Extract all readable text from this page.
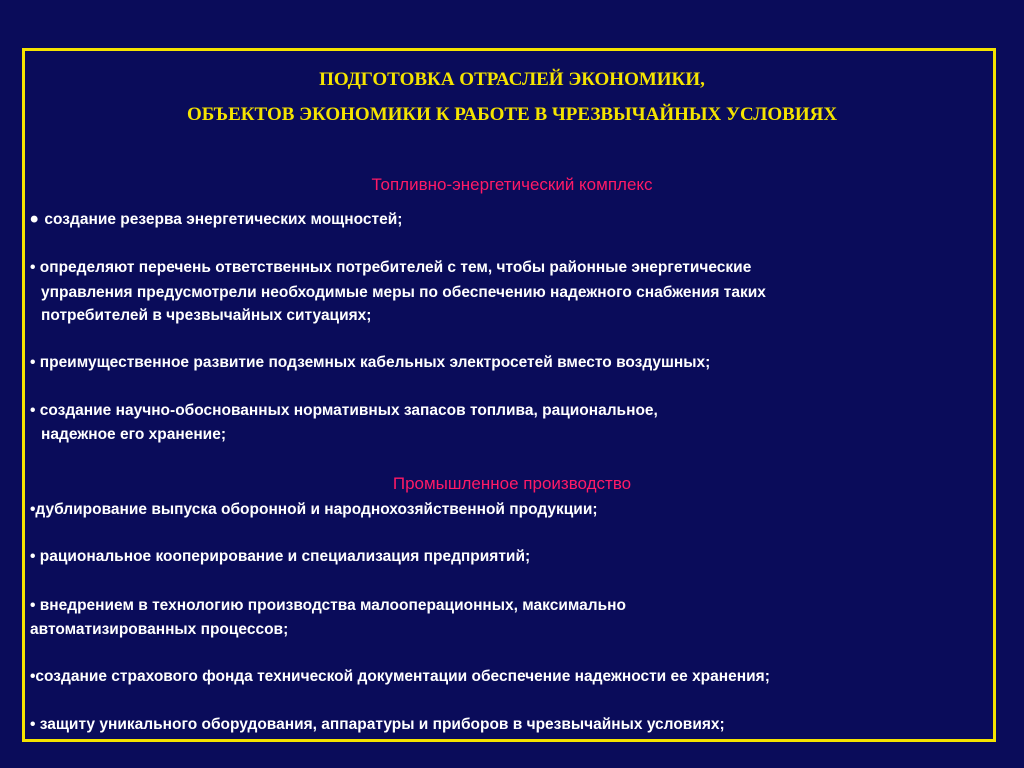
ПОДГОТОВКА ОТРАСЛЕЙ ЭКОНОМИКИ,
ОБЪЕКТОВ ЭКОНОМИКИ К РАБОТЕ В ЧРЕЗВЫЧАЙНЫХ УСЛОВИЯХ
Топливно-энергетический комплекс
• создание резерва энергетических мощностей;
• определяют перечень ответственных потребителей с тем, чтобы районные энергетические
управления предусмотрели необходимые меры по обеспечению надежного снабжения таких
потребителей в чрезвычайных ситуациях;
• преимущественное развитие подземных кабельных электросетей вместо воздушных;
• создание научно-обоснованных нормативных запасов топлива, рациональное,
надежное его хранение;
Промышленное производство
•дублирование выпуска оборонной и народнохозяйственной продукции;
• рациональное кооперирование и специализация предприятий;
• внедрением в технологию производства малооперационных, максимально
автоматизированных процессов;
•создание страхового фонда технической документации обеспечение надежности ее хранения;
• защиту уникального оборудования, аппаратуры и приборов в чрезвычайных условиях;
